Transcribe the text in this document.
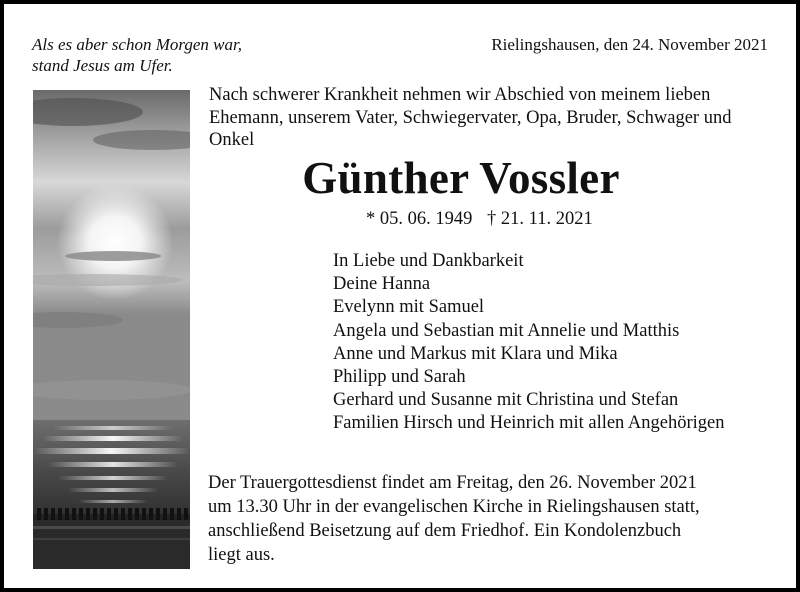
Als es aber schon Morgen war,
stand Jesus am Ufer.
Rielingshausen, den 24. November 2021
Nach schwerer Krankheit nehmen wir Abschied von meinem lieben Ehemann, unserem Vater, Schwiegervater, Opa, Bruder, Schwager und Onkel
Günther Vossler
* 05. 06. 1949 † 21. 11. 2021
In Liebe und Dankbarkeit
Deine Hanna
Evelynn mit Samuel
Angela und Sebastian mit Annelie und Matthis
Anne und Markus mit Klara und Mika
Philipp und Sarah
Gerhard und Susanne mit Christina und Stefan
Familien Hirsch und Heinrich mit allen Angehörigen
Der Trauergottesdienst findet am Freitag, den 26. November 2021
um 13.30 Uhr in der evangelischen Kirche in Rielingshausen statt,
anschließend Beisetzung auf dem Friedhof. Ein Kondolenzbuch
liegt aus.
